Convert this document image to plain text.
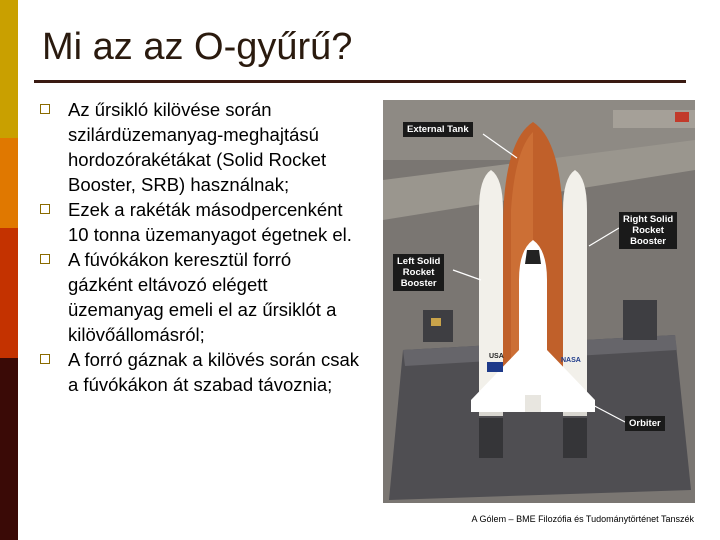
Mi az az O-gyűrű?
Az űrsikló kilövése során szilárdüzemanyag-meghajtású hordozórakétákat (Solid Rocket Booster, SRB) használnak;
Ezek a rakéták másodpercenként 10 tonna üzemanyagot égetnek el.
A fúvókákon keresztül forró gázként eltávozó elégett üzemanyag emeli el az űrsiklót a kilövőállomásról;
A forró gáznak a kilövés során csak a fúvókákon át szabad távoznia;
USA
NASA
External Tank
Right Solid
Rocket
Booster
Left Solid
Rocket
Booster
Orbiter
A Gólem – BME Filozófia és Tudománytörténet Tanszék
